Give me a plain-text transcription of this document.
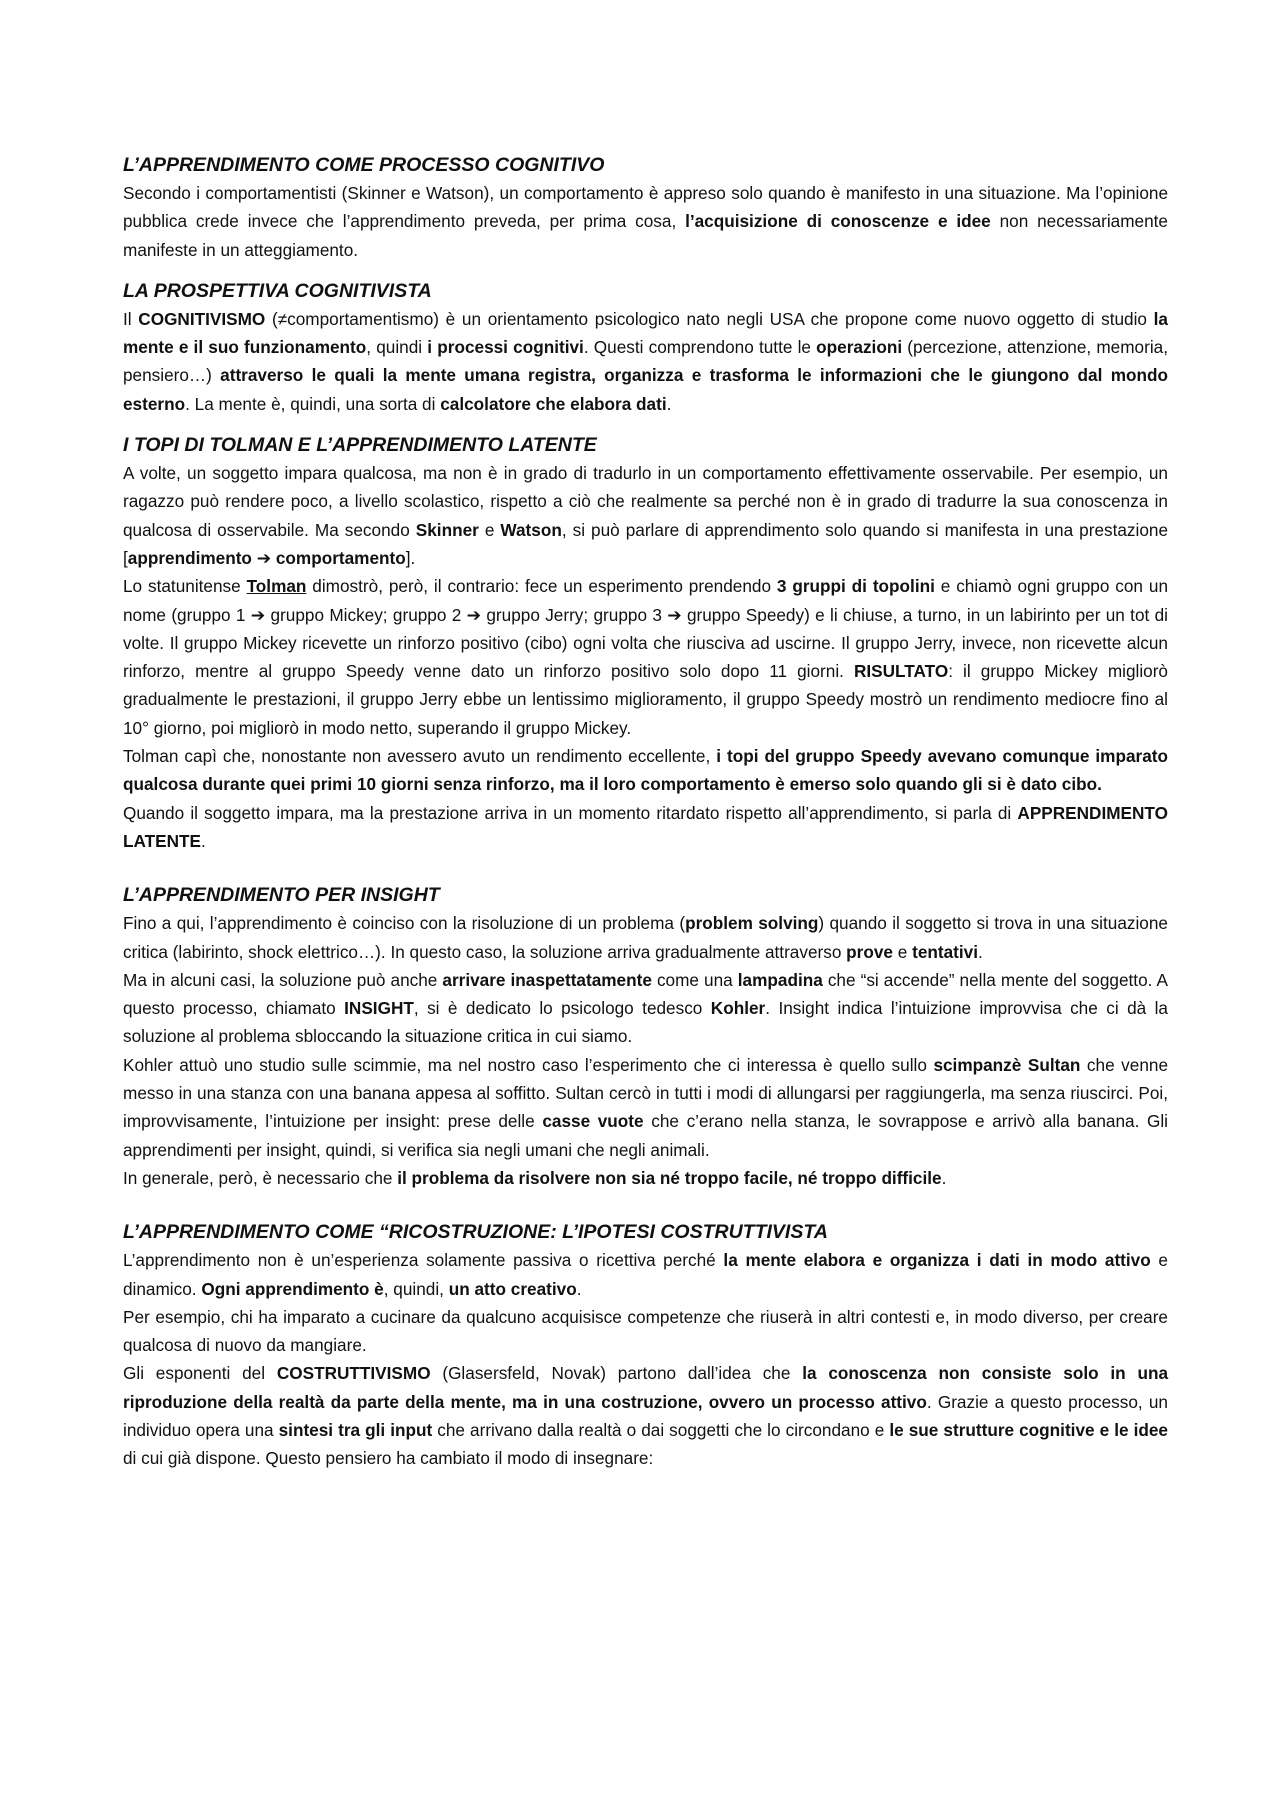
L’APPRENDIMENTO COME PROCESSO COGNITIVO

Secondo i comportamentisti (Skinner e Watson), un comportamento è appreso solo quando è manifesto in una situazione. Ma l’opinione pubblica crede invece che l’apprendimento preveda, per prima cosa, l’acquisizione di conoscenze e idee non necessariamente manifeste in un atteggiamento.

LA PROSPETTIVA COGNITIVISTA

Il COGNITIVISMO (≠comportamentismo) è un orientamento psicologico nato negli USA che propone come nuovo oggetto di studio la mente e il suo funzionamento, quindi i processi cognitivi. Questi comprendono tutte le operazioni (percezione, attenzione, memoria, pensiero…) attraverso le quali la mente umana registra, organizza e trasforma le informazioni che le giungono dal mondo esterno. La mente è, quindi, una sorta di calcolatore che elabora dati.

I TOPI DI TOLMAN E L’APPRENDIMENTO LATENTE

A volte, un soggetto impara qualcosa, ma non è in grado di tradurlo in un comportamento effettivamente osservabile. Per esempio, un ragazzo può rendere poco, a livello scolastico, rispetto a ciò che realmente sa perché non è in grado di tradurre la sua conoscenza in qualcosa di osservabile. Ma secondo Skinner e Watson, si può parlare di apprendimento solo quando si manifesta in una prestazione [apprendimento ➔ comportamento].

Lo statunitense Tolman dimostrò, però, il contrario: fece un esperimento prendendo 3 gruppi di topolini e chiamò ogni gruppo con un nome (gruppo 1 ➔ gruppo Mickey; gruppo 2 ➔ gruppo Jerry; gruppo 3 ➔ gruppo Speedy) e li chiuse, a turno, in un labirinto per un tot di volte. Il gruppo Mickey ricevette un rinforzo positivo (cibo) ogni volta che riusciva ad uscirne. Il gruppo Jerry, invece, non ricevette alcun rinforzo, mentre al gruppo Speedy venne dato un rinforzo positivo solo dopo 11 giorni. RISULTATO: il gruppo Mickey migliorò gradualmente le prestazioni, il gruppo Jerry ebbe un lentissimo miglioramento, il gruppo Speedy mostrò un rendimento mediocre fino al 10° giorno, poi migliorò in modo netto, superando il gruppo Mickey.

Tolman capì che, nonostante non avessero avuto un rendimento eccellente, i topi del gruppo Speedy avevano comunque imparato qualcosa durante quei primi 10 giorni senza rinforzo, ma il loro comportamento è emerso solo quando gli si è dato cibo.

Quando il soggetto impara, ma la prestazione arriva in un momento ritardato rispetto all’apprendimento, si parla di APPRENDIMENTO LATENTE.

L’APPRENDIMENTO PER INSIGHT

Fino a qui, l’apprendimento è coinciso con la risoluzione di un problema (problem solving) quando il soggetto si trova in una situazione critica (labirinto, shock elettrico…). In questo caso, la soluzione arriva gradualmente attraverso prove e tentativi.

Ma in alcuni casi, la soluzione può anche arrivare inaspettatamente come una lampadina che “si accende” nella mente del soggetto. A questo processo, chiamato INSIGHT, si è dedicato lo psicologo tedesco Kohler. Insight indica l’intuizione improvvisa che ci dà la soluzione al problema sbloccando la situazione critica in cui siamo.

Kohler attuò uno studio sulle scimmie, ma nel nostro caso l’esperimento che ci interessa è quello sullo scimpanzè Sultan che venne messo in una stanza con una banana appesa al soffitto. Sultan cercò in tutti i modi di allungarsi per raggiungerla, ma senza riuscirci. Poi, improvvisamente, l’intuizione per insight: prese delle casse vuote che c’erano nella stanza, le sovrapposе e arrivò alla banana. Gli apprendimenti per insight, quindi, si verifica sia negli umani che negli animali.

In generale, però, è necessario che il problema da risolvere non sia né troppo facile, né troppo difficile.

L’APPRENDIMENTO COME “RICOSTRUZIONE: L’IPOTESI COSTRUTTIVISTA

L’apprendimento non è un’esperienza solamente passiva o ricettiva perché la mente elabora e organizza i dati in modo attivo e dinamico. Ogni apprendimento è, quindi, un atto creativo.

Per esempio, chi ha imparato a cucinare da qualcuno acquisisce competenze che riuserà in altri contesti e, in modo diverso, per creare qualcosa di nuovo da mangiare.

Gli esponenti del COSTRUTTIVISMO (Glasersfeld, Novak) partono dall’idea che la conoscenza non consiste solo in una riproduzione della realtà da parte della mente, ma in una costruzione, ovvero un processo attivo. Grazie a questo processo, un individuo opera una sintesi tra gli input che arrivano dalla realtà o dai soggetti che lo circondano e le sue strutture cognitive e le idee di cui già dispone. Questo pensiero ha cambiato il modo di insegnare:
